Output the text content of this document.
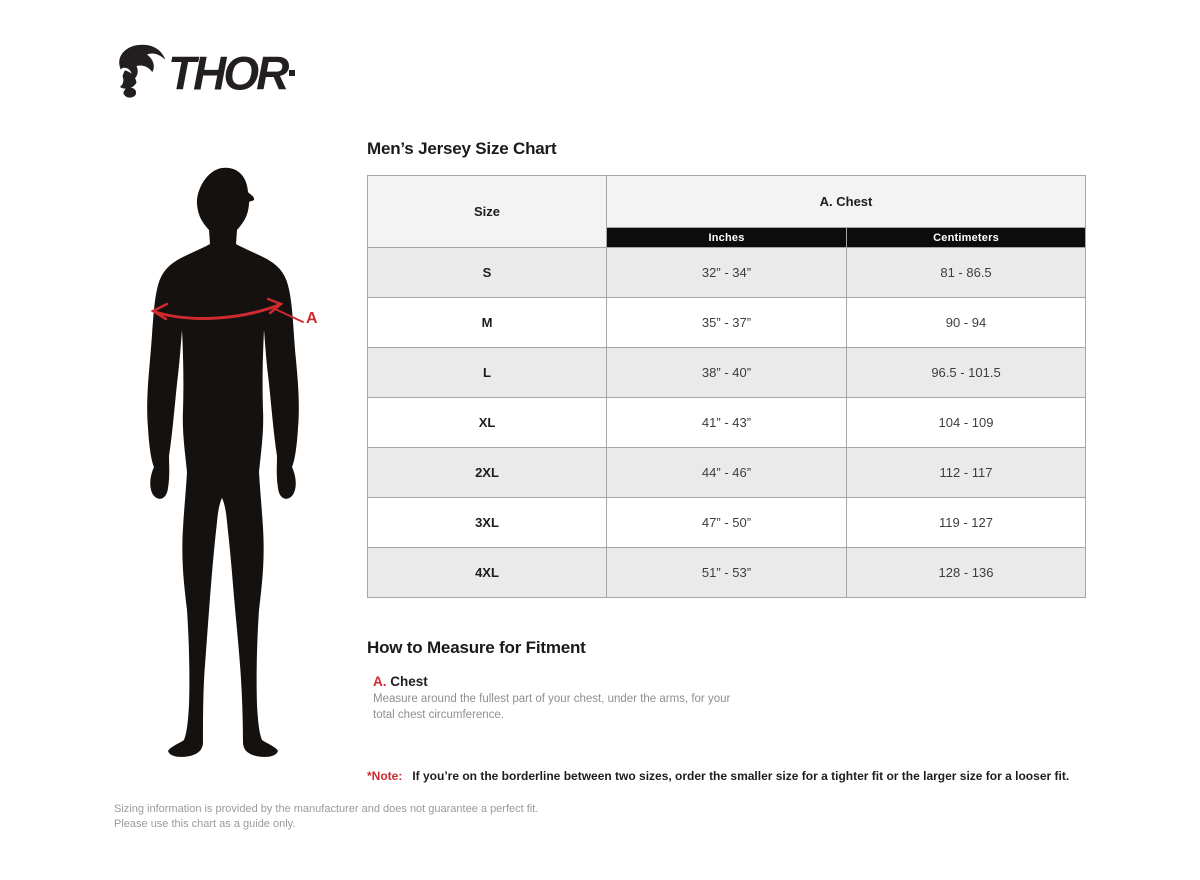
THOR
A
Men’s Jersey Size Chart
Size	A. Chest	
	Inches	Centimeters
S	32” - 34”	81 - 86.5
M	35” - 37”	90 - 94
L	38” - 40”	96.5 - 101.5
XL	41” - 43”	104 - 109
2XL	44” - 46”	112 - 117
3XL	47” - 50”	119 - 127
4XL	51” - 53”	128 - 136
How to Measure for Fitment
A. Chest
Measure around the fullest part of your chest, under the arms, for your total chest circumference.
*Note: If you’re on the borderline between two sizes, order the smaller size for a tighter fit or the larger size for a looser fit.
Sizing information is provided by the manufacturer and does not guarantee a perfect fit.
Please use this chart as a guide only.
